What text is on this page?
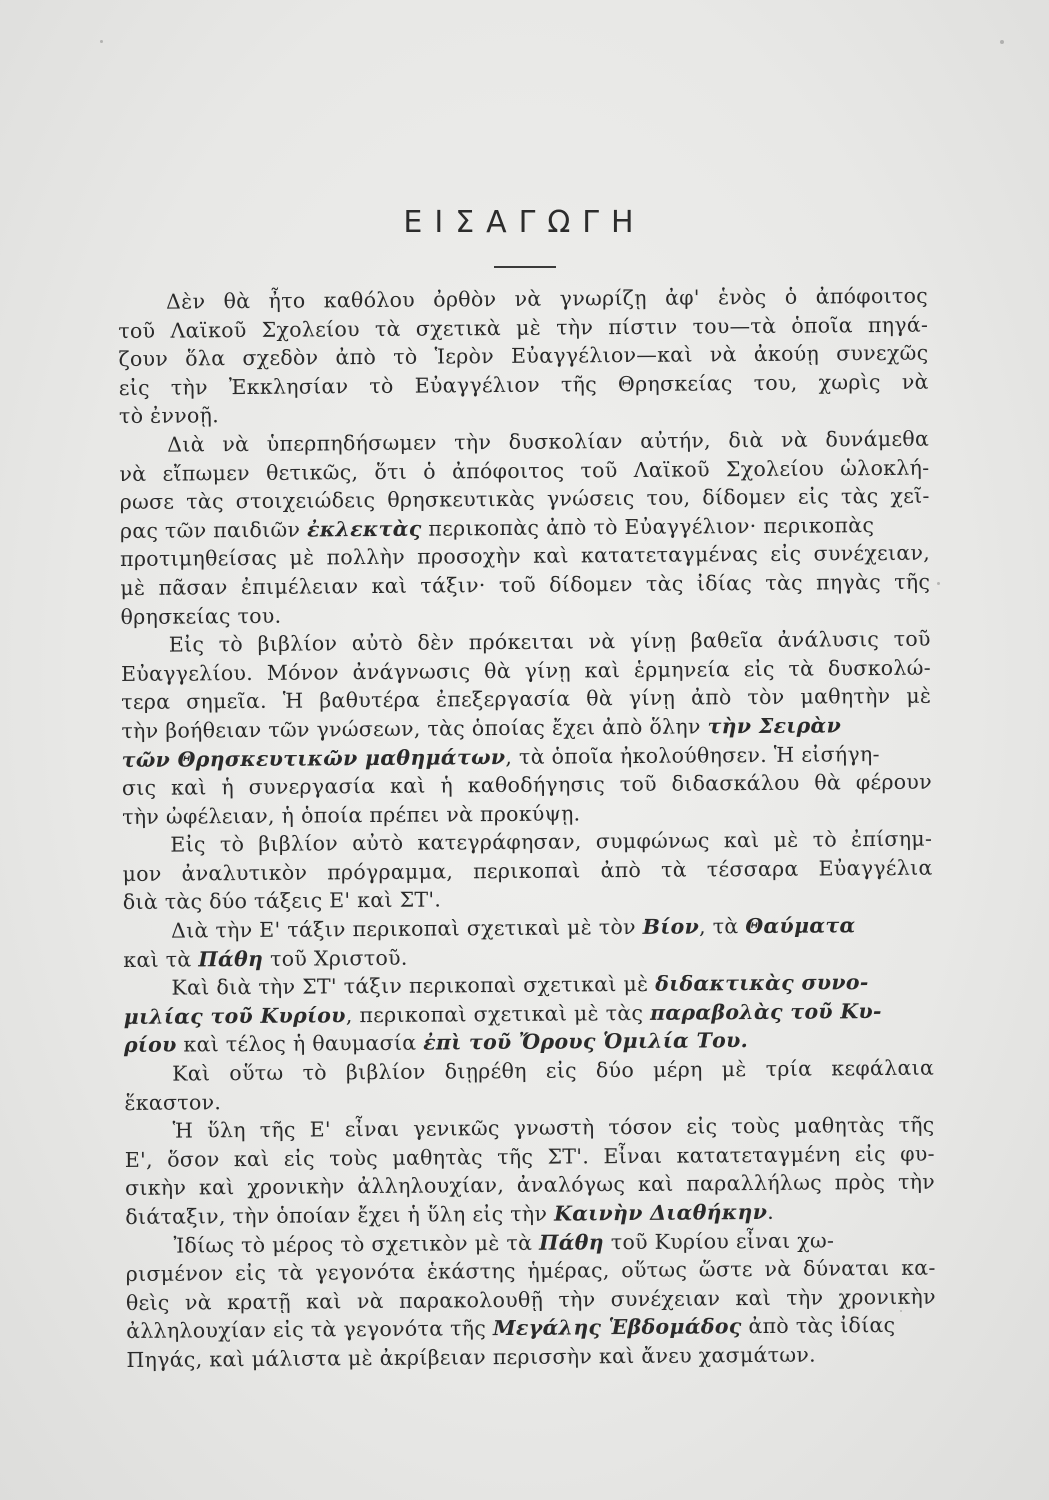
ΕΙΣΑΓΩΓΗ
Δὲν θὰ ἦτο καθόλου ὀρθὸν νὰ γνωρίζῃ ἀφ' ἑνὸς ὁ ἀπόφοιτος
τοῦ Λαϊκοῦ Σχολείου τὰ σχετικὰ μὲ τὴν πίστιν του—τὰ ὁποῖα πηγά-
ζουν ὅλα σχεδὸν ἀπὸ τὸ Ἱερὸν Εὐαγγέλιον—καὶ νὰ ἀκούῃ συνεχῶς
εἰς τὴν Ἐκκλησίαν τὸ Εὐαγγέλιον τῆς Θρησκείας του, χωρὶς νὰ
τὸ ἐννοῇ.
Διὰ νὰ ὑπερπηδήσωμεν τὴν δυσκολίαν αὐτήν, διὰ νὰ δυνάμεθα
νὰ εἴπωμεν θετικῶς, ὅτι ὁ ἀπόφοιτος τοῦ Λαϊκοῦ Σχολείου ὡλοκλή-
ρωσε τὰς στοιχειώδεις θρησκευτικὰς γνώσεις του, δίδομεν εἰς τὰς χεῖ-
ρας τῶν παιδιῶν ἐκλεκτὰς περικοπὰς ἀπὸ τὸ Εὐαγγέλιον· περικοπὰς
προτιμηθείσας μὲ πολλὴν προσοχὴν καὶ κατατεταγμένας εἰς συνέχειαν,
μὲ πᾶσαν ἐπιμέλειαν καὶ τάξιν· τοῦ δίδομεν τὰς ἰδίας τὰς πηγὰς τῆς
θρησκείας του.
Εἰς τὸ βιβλίον αὐτὸ δὲν πρόκειται νὰ γίνῃ βαθεῖα ἀνάλυσις τοῦ
Εὐαγγελίου. Μόνον ἀνάγνωσις θὰ γίνῃ καὶ ἑρμηνεία εἰς τὰ δυσκολώ-
τερα σημεῖα. Ἡ βαθυτέρα ἐπεξεργασία θὰ γίνῃ ἀπὸ τὸν μαθητὴν μὲ
τὴν βοήθειαν τῶν γνώσεων, τὰς ὁποίας ἔχει ἀπὸ ὅλην τὴν Σειρὰν
τῶν Θρησκευτικῶν μαθημάτων , τὰ ὁποῖα ἠκολούθησεν. Ἡ εἰσήγη-
σις καὶ ἡ συνεργασία καὶ ἡ καθοδήγησις τοῦ διδασκάλου θὰ φέρουν
τὴν ὠφέλειαν, ἡ ὁποία πρέπει νὰ προκύψῃ.
Εἰς τὸ βιβλίον αὐτὸ κατεγράφησαν, συμφώνως καὶ μὲ τὸ ἐπίσημ-
μον ἀναλυτικὸν πρόγραμμα, περικοπαὶ ἀπὸ τὰ τέσσαρα Εὐαγγέλια
διὰ τὰς δύο τάξεις Ε' καὶ ΣΤ'.
Διὰ τὴν Ε' τάξιν περικοπαὶ σχετικαὶ μὲ τὸν Βίον , τὰ Θαύματα
καὶ τὰ Πάθη τοῦ Χριστοῦ.
Καὶ διὰ τὴν ΣΤ' τάξιν περικοπαὶ σχετικαὶ μὲ διδακτικὰς συνο-
μιλίας τοῦ Κυρίου , περικοπαὶ σχετικαὶ μὲ τὰς παραβολὰς τοῦ Κυ-
ρίου καὶ τέλος ἡ θαυμασία ἐπὶ τοῦ Ὄρους Ὁμιλία Του.
Καὶ οὕτω τὸ βιβλίον διῃρέθη εἰς δύο μέρη μὲ τρία κεφάλαια
ἕκαστον.
Ἡ ὕλη τῆς Ε' εἶναι γενικῶς γνωστὴ τόσον εἰς τοὺς μαθητὰς τῆς
Ε', ὅσον καὶ εἰς τοὺς μαθητὰς τῆς ΣΤ'. Εἶναι κατατεταγμένη εἰς φυ-
σικὴν καὶ χρονικὴν ἀλληλουχίαν, ἀναλόγως καὶ παραλλήλως πρὸς τὴν
διάταξιν, τὴν ὁποίαν ἔχει ἡ ὕλη εἰς τὴν Καινὴν Διαθήκην .
Ἰδίως τὸ μέρος τὸ σχετικὸν μὲ τὰ Πάθη τοῦ Κυρίου εἶναι χω-
ρισμένον εἰς τὰ γεγονότα ἑκάστης ἡμέρας, οὕτως ὥστε νὰ δύναται κα-
θεὶς νὰ κρατῇ καὶ νὰ παρακολουθῇ τὴν συνέχειαν καὶ τὴν χρονικὴν
ἀλληλουχίαν εἰς τὰ γεγονότα τῆς Μεγάλης Ἑβδομάδος ἀπὸ τὰς ἰδίας
Πηγάς, καὶ μάλιστα μὲ ἀκρίβειαν περισσὴν καὶ ἄνευ χασμάτων.
